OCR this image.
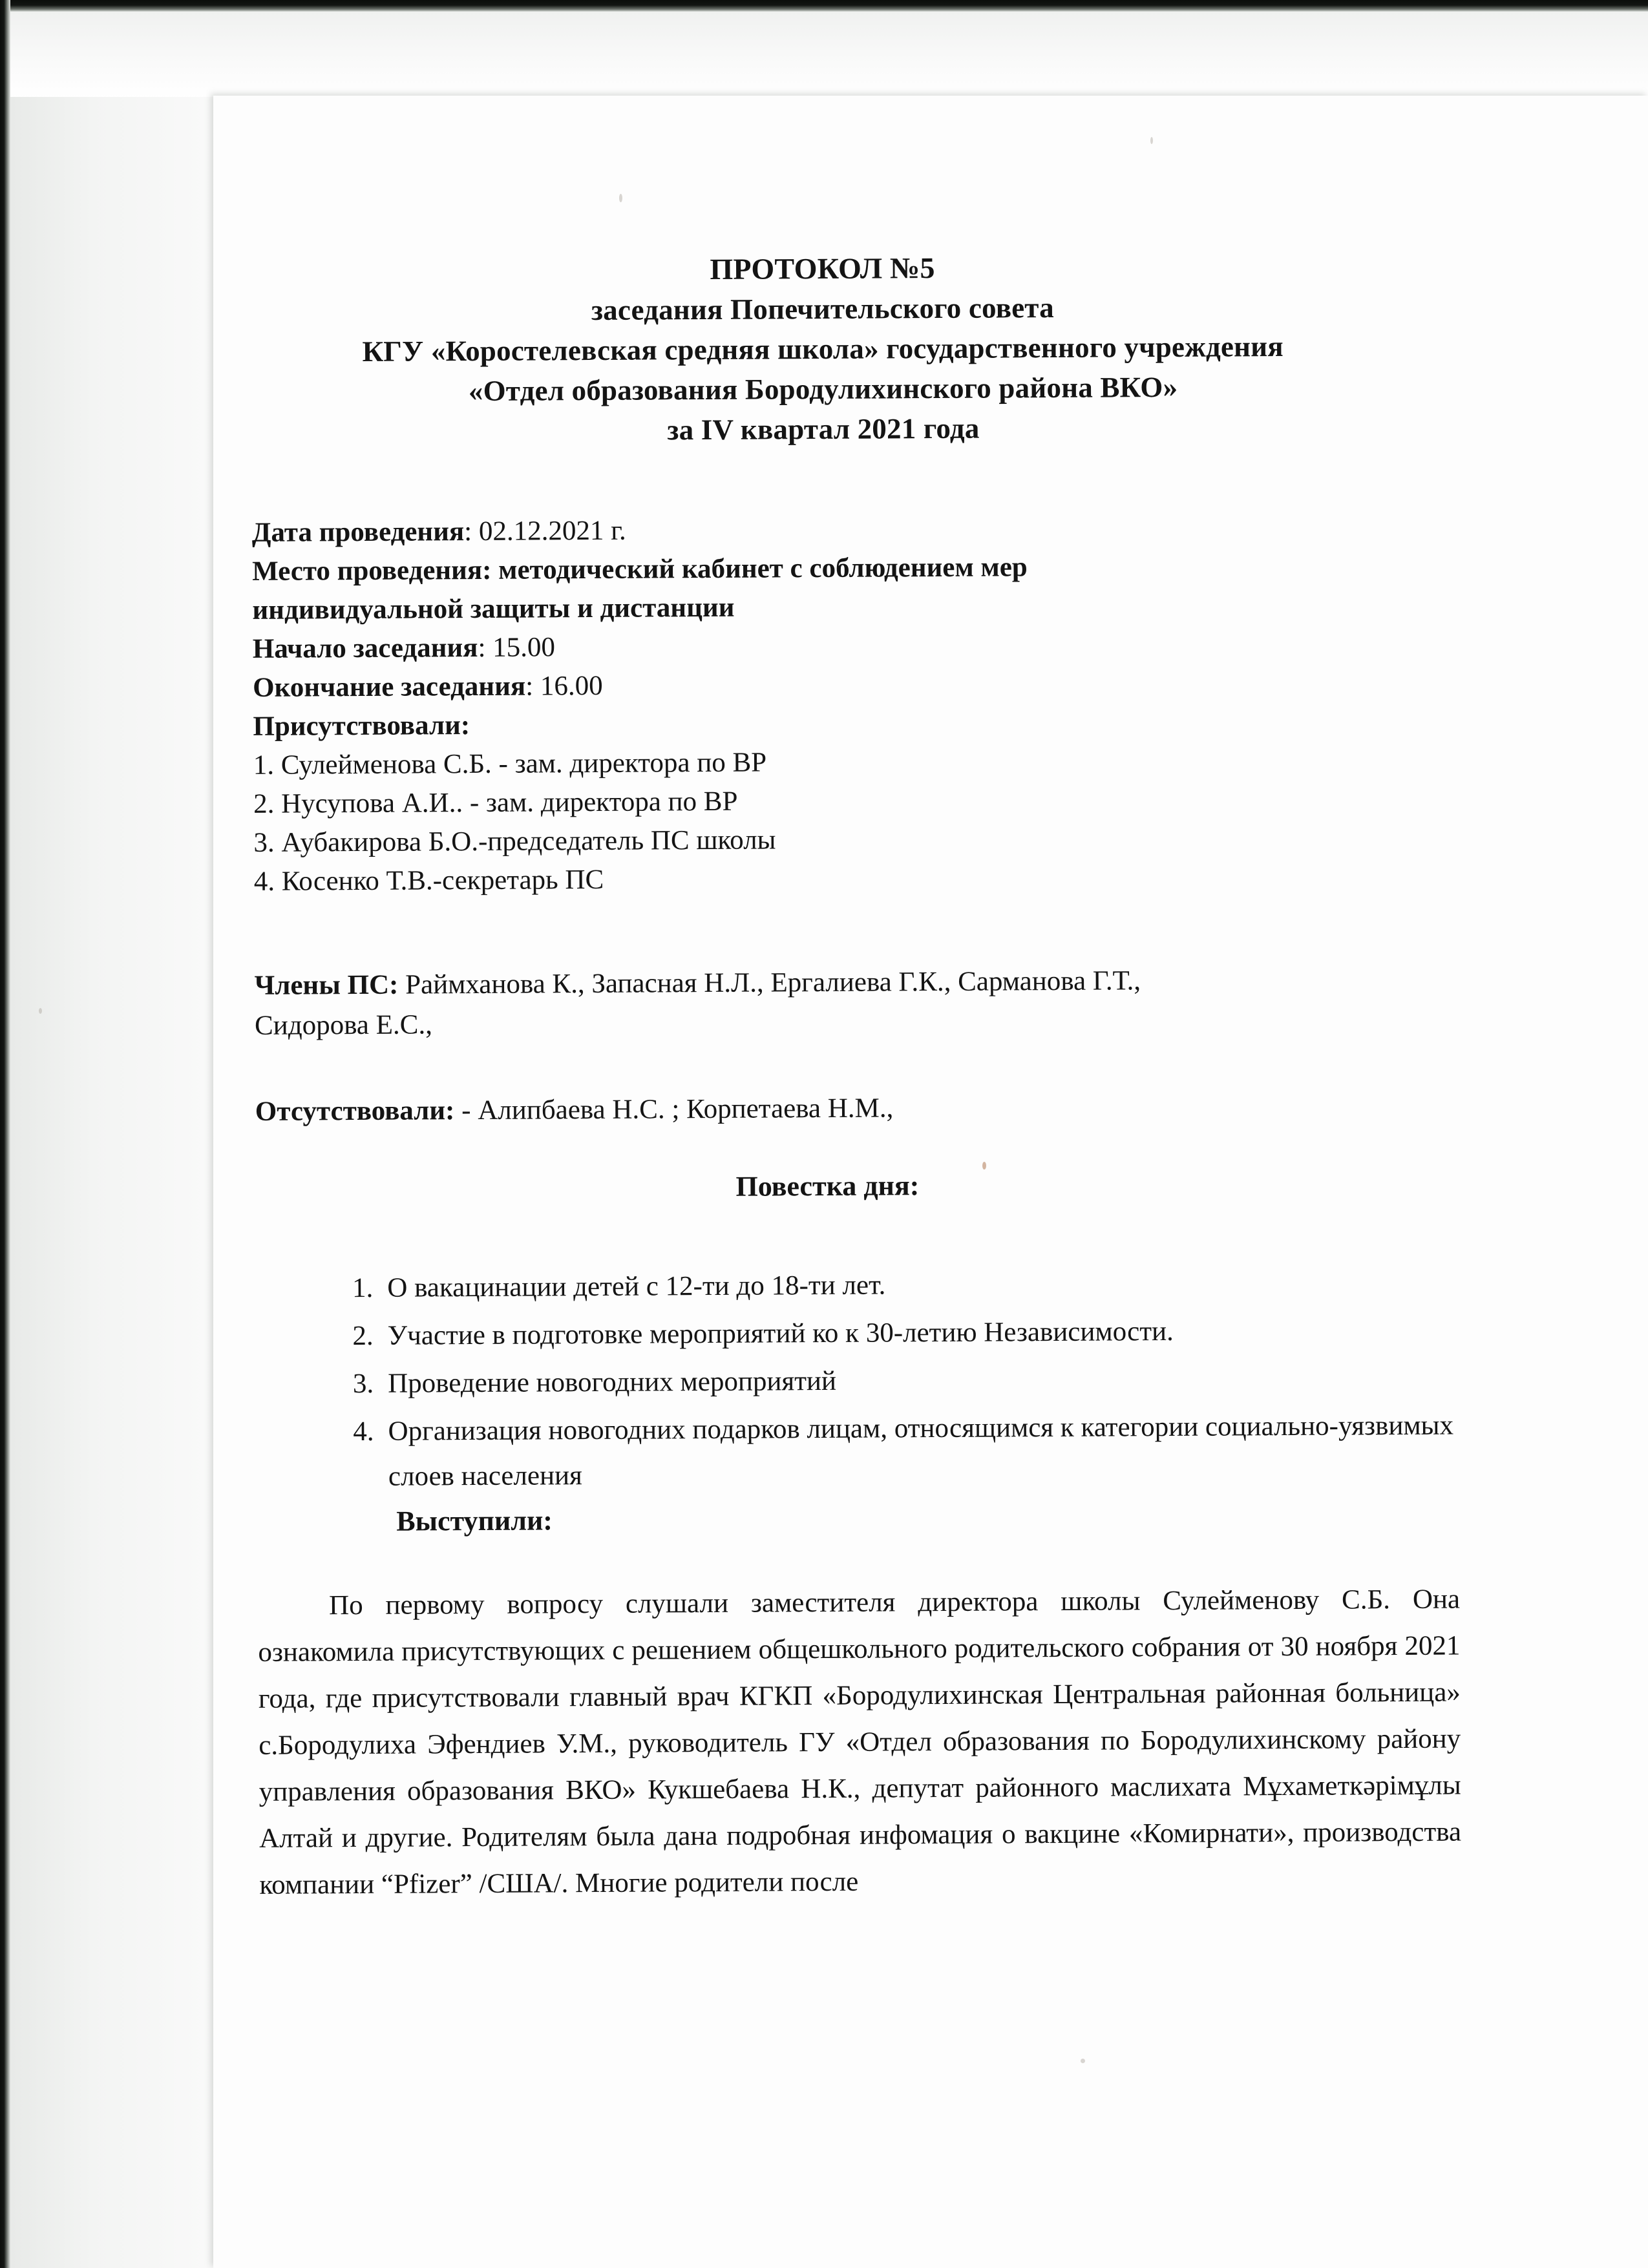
ПРОТОКОЛ №5
заседания Попечительского совета
КГУ «Коростелевская средняя школа» государственного учреждения
«Отдел образования Бородулихинского района ВКО»
за IV квартал 2021 года
Дата проведения: 02.12.2021 г.
Место проведения: методический кабинет с соблюдением мер
индивидуальной защиты и дистанции
Начало заседания: 15.00
Окончание заседания: 16.00
Присутствовали:
1. Сулейменова С.Б. - зам. директора по ВР
2. Нусупова А.И.. - зам. директора по ВР
3. Аубакирова Б.О.-председатель ПС школы
4. Косенко Т.В.-секретарь ПС
Члены ПС: Раймханова К., Запасная Н.Л., Ергалиева Г.К., Сарманова Г.Т.,
Сидорова Е.С.,
Отсутствовали: - Алипбаева Н.С. ; Корпетаева Н.М.,
Повестка дня:
1. О вакацинации детей с 12-ти до 18-ти лет.
2. Участие в подготовке мероприятий ко к 30-летию Независимости.
3. Проведение новогодних мероприятий
4. Организация новогодних подарков лицам, относящимся к категории социально-уязвимых слоев населения
Выступили:
По первому вопросу слушали заместителя директора школы Сулейменову С.Б. Она ознакомила присутствующих с решением общешкольного родительского собрания от 30 ноября 2021 года, где присутствовали главный врач КГКП «Бородулихинская Центральная районная больница» с.Бородулиха Эфендиев У.М., руководитель ГУ «Отдел образования по Бородулихинскому району управления образования ВКО» Кукшебаева Н.К., депутат районного маслихата Мұхаметкәрімұлы Алтай и другие. Родителям была дана подробная инфомация о вакцине «Комирнати», производства компании “Pfizer” /США/. Многие родители после
